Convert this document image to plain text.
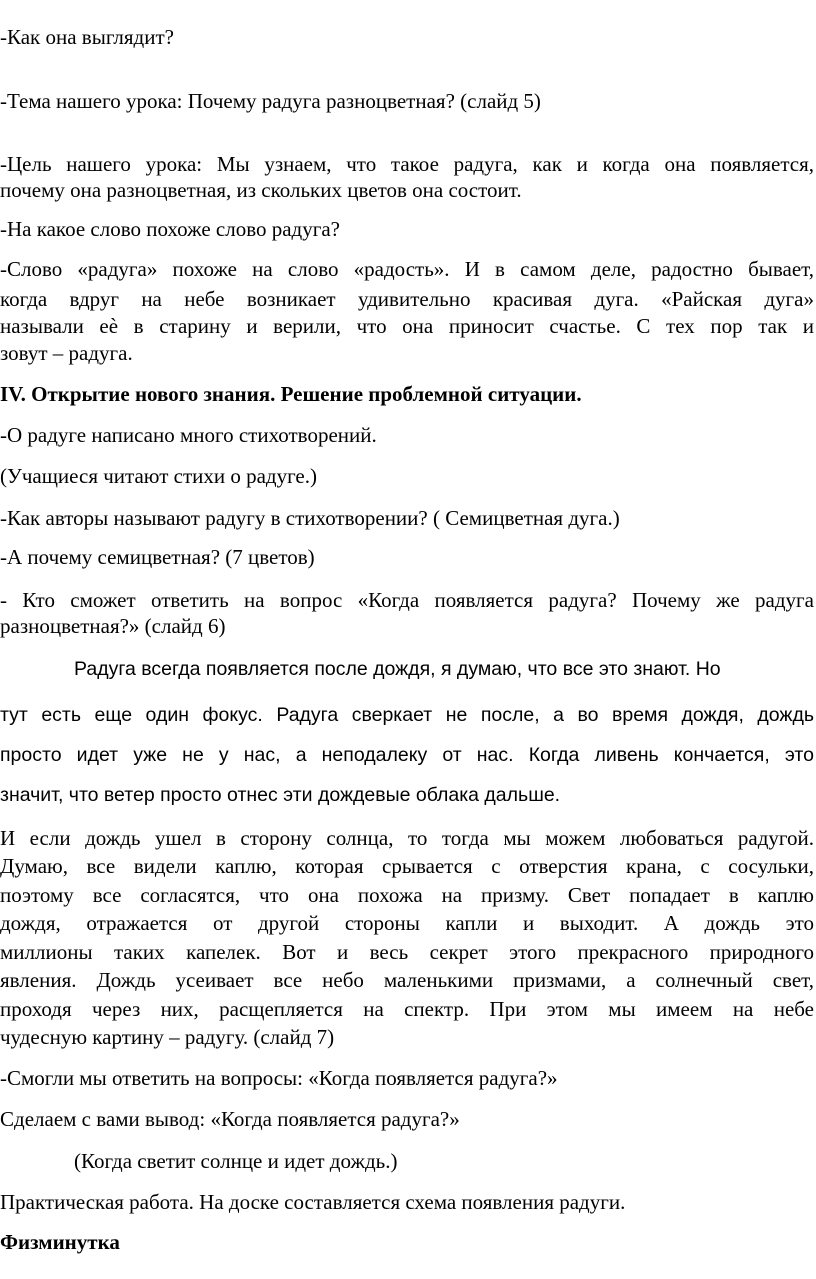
-Как она выглядит?
-Тема нашего урока: Почему радуга разноцветная? (слайд 5)
-Цель нашего урока: Мы узнаем, что такое радуга, как и когда она появляется,
почему она разноцветная, из скольких цветов она состоит.
-На какое слово похоже слово радуга?
-Слово «радуга» похоже на слово «радость». И в самом деле, радостно бывает,
когда вдруг на небе возникает удивительно красивая дуга. «Райская дуга»
называли еѐ в старину и верили, что она приносит счастье. С тех пор так и
зовут – радуга.
IV. Открытие нового знания. Решение проблемной ситуации.
-О радуге написано много стихотворений.
(Учащиеся читают стихи о радуге.)
-Как авторы называют радугу в стихотворении? ( Семицветная дуга.)
-А почему семицветная? (7 цветов)
- Кто сможет ответить на вопрос «Когда появляется радуга? Почему же радуга
разноцветная?» (слайд 6)
Радуга всегда появляется после дождя, я думаю, что все это знают. Но
тут есть еще один фокус. Радуга сверкает не после, а во время дождя, дождь
просто идет уже не у нас, а неподалеку от нас. Когда ливень кончается, это
значит, что ветер просто отнес эти дождевые облака дальше.
И если дождь ушел в сторону солнца, то тогда мы можем любоваться радугой.
Думаю, все видели каплю, которая срывается с отверстия крана, с сосульки,
поэтому все согласятся, что она похожа на призму. Свет попадает в каплю
дождя, отражается от другой стороны капли и выходит. А дождь это
миллионы таких капелек. Вот и весь секрет этого прекрасного природного
явления. Дождь усеивает все небо маленькими призмами, а солнечный свет,
проходя через них, расщепляется на спектр. При этом мы имеем на небе
чудесную картину – радугу. (слайд 7)
-Смогли мы ответить на вопросы: «Когда появляется радуга?»
Сделаем с вами вывод: «Когда появляется радуга?»
(Когда светит солнце и идет дождь.)
Практическая работа. На доске составляется схема появления радуги.
Физминутка
